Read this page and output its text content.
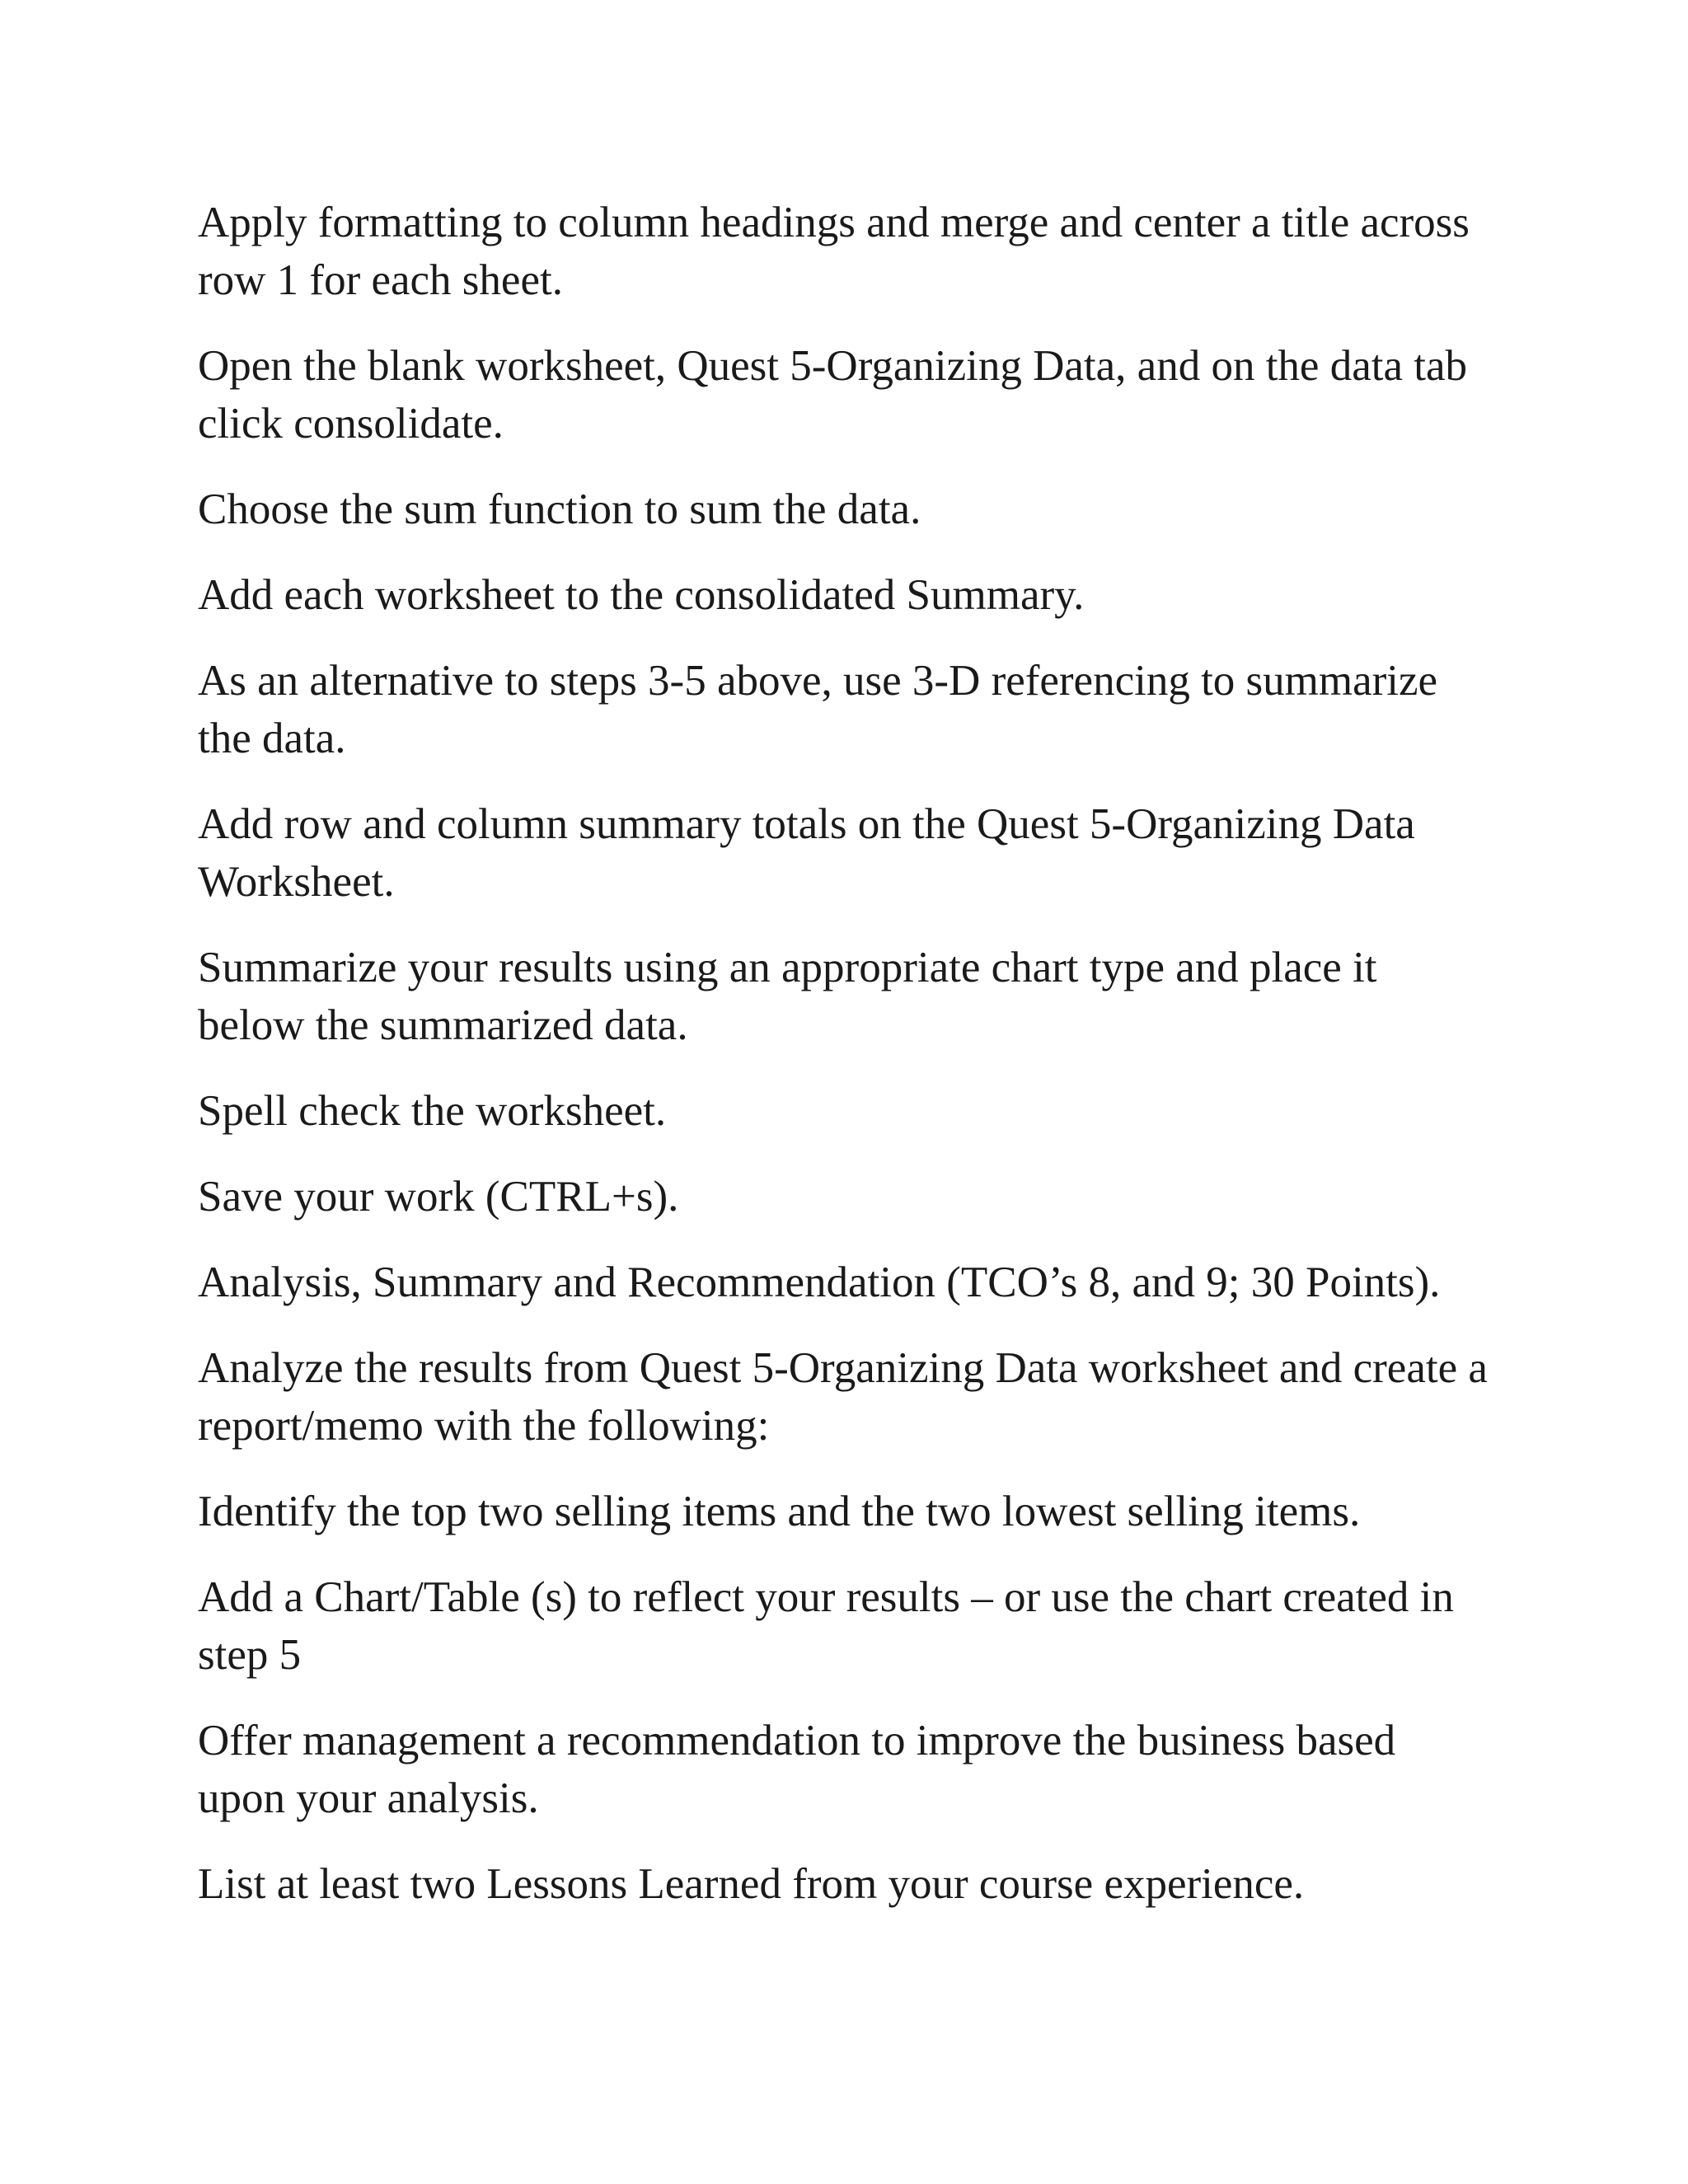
Apply formatting to column headings and merge and center a title across row 1 for each sheet.

Open the blank worksheet, Quest 5-Organizing Data, and on the data tab click consolidate.

Choose the sum function to sum the data.

Add each worksheet to the consolidated Summary.

As an alternative to steps 3-5 above, use 3-D referencing to summarize the data.

Add row and column summary totals on the Quest 5-Organizing Data Worksheet.

Summarize your results using an appropriate chart type and place it below the summarized data.

Spell check the worksheet.

Save your work (CTRL+s).

Analysis, Summary and Recommendation (TCO’s 8, and 9; 30 Points).

Analyze the results from Quest 5-Organizing Data worksheet and create a report/memo with the following:

Identify the top two selling items and the two lowest selling items.

Add a Chart/Table (s) to reflect your results – or use the chart created in step 5

Offer management a recommendation to improve the business based upon your analysis.

List at least two Lessons Learned from your course experience.
